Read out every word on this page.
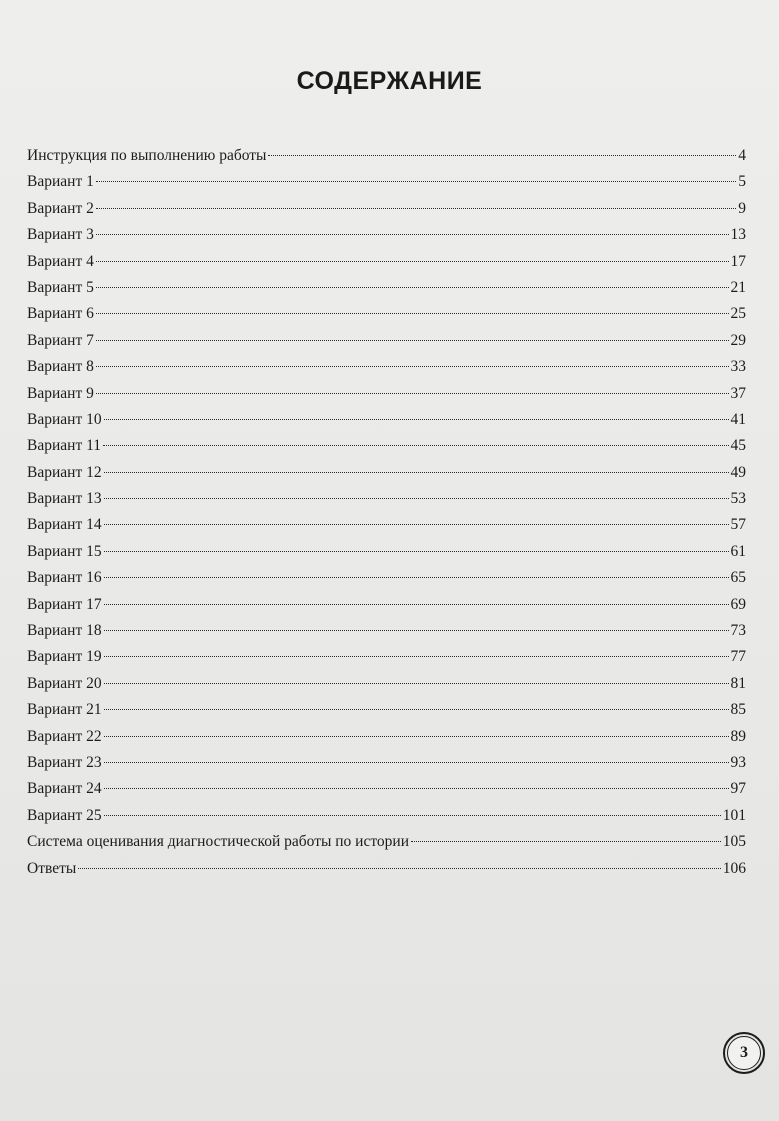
СОДЕРЖАНИЕ
Инструкция по выполнению работы	4
Вариант 1	5
Вариант 2	9
Вариант 3	13
Вариант 4	17
Вариант 5	21
Вариант 6	25
Вариант 7	29
Вариант 8	33
Вариант 9	37
Вариант 10	41
Вариант 11	45
Вариант 12	49
Вариант 13	53
Вариант 14	57
Вариант 15	61
Вариант 16	65
Вариант 17	69
Вариант 18	73
Вариант 19	77
Вариант 20	81
Вариант 21	85
Вариант 22	89
Вариант 23	93
Вариант 24	97
Вариант 25	101
Система оценивания диагностической работы по истории	105
Ответы	106
3
